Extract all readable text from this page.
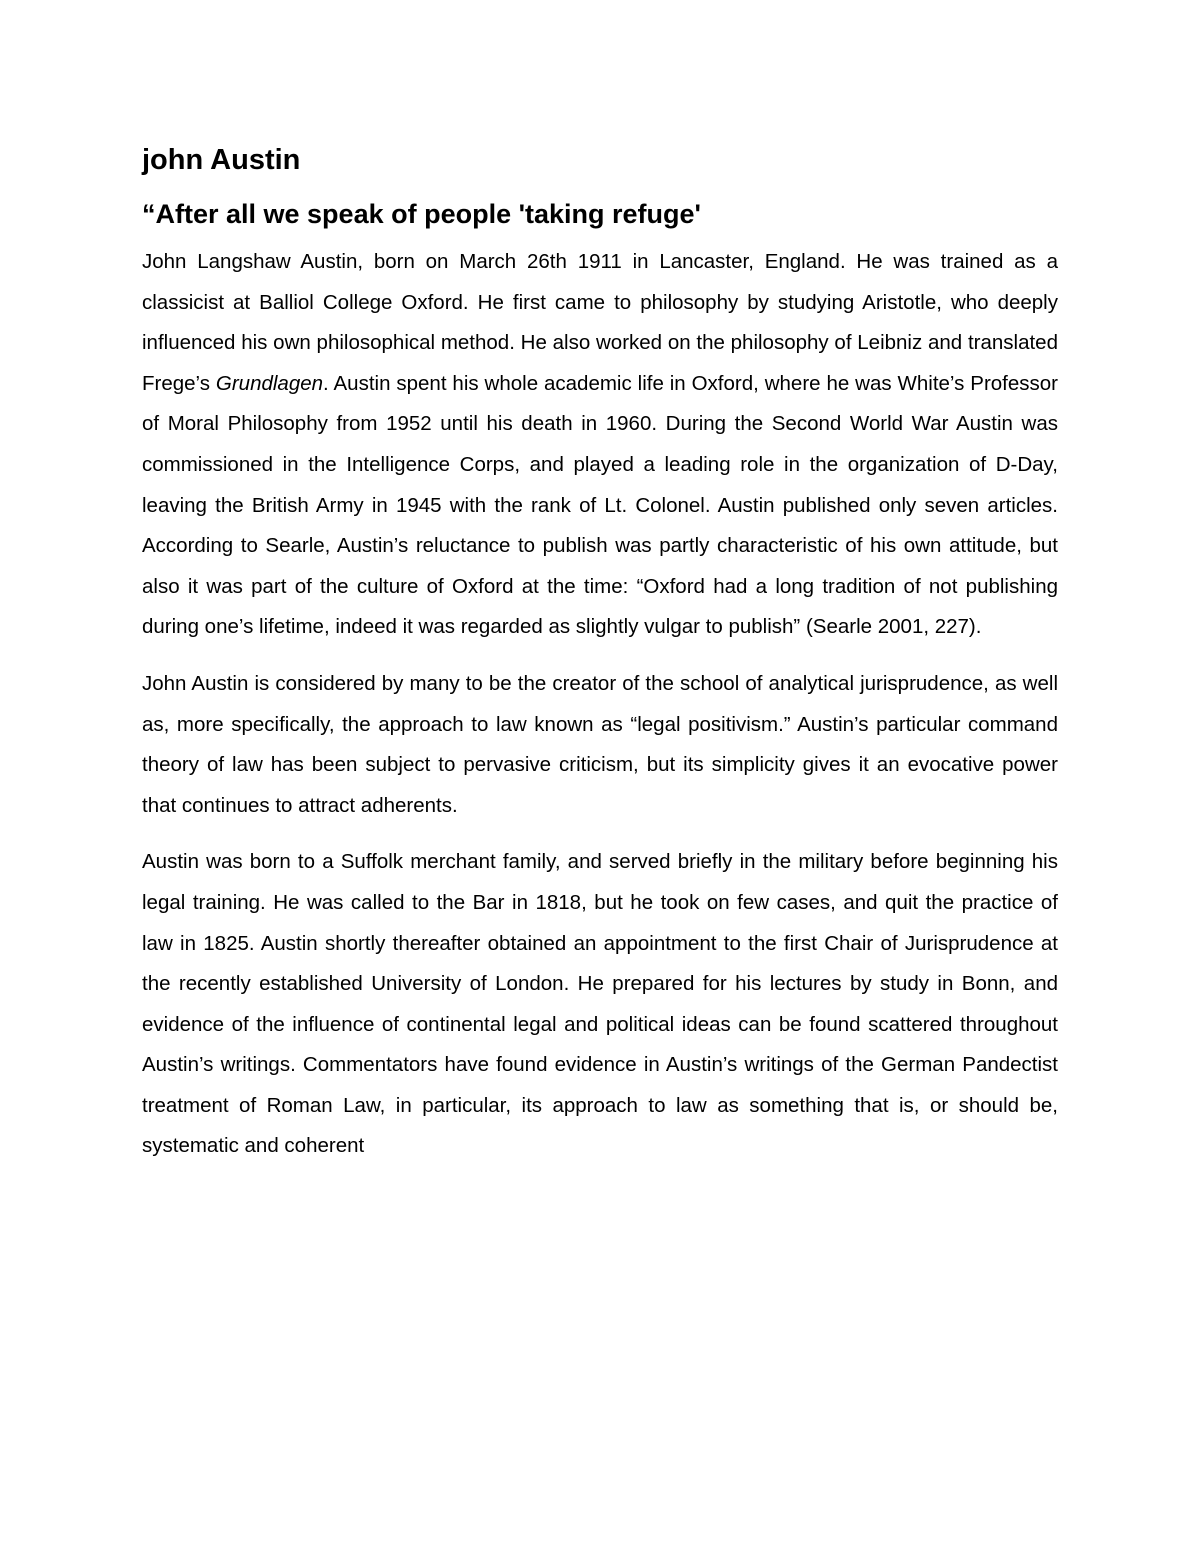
john Austin
“After all we speak of people 'taking refuge'

John Langshaw Austin, born on March 26th 1911 in Lancaster, England. He was trained as a classicist at Balliol College Oxford. He first came to philosophy by studying Aristotle, who deeply influenced his own philosophical method. He also worked on the philosophy of Leibniz and translated Frege’s Grundlagen. Austin spent his whole academic life in Oxford, where he was White’s Professor of Moral Philosophy from 1952 until his death in 1960. During the Second World War Austin was commissioned in the Intelligence Corps, and played a leading role in the organization of D-Day, leaving the British Army in 1945 with the rank of Lt. Colonel. Austin published only seven articles. According to Searle, Austin’s reluctance to publish was partly characteristic of his own attitude, but also it was part of the culture of Oxford at the time: “Oxford had a long tradition of not publishing during one’s lifetime, indeed it was regarded as slightly vulgar to publish” (Searle 2001, 227).

John Austin is considered by many to be the creator of the school of analytical jurisprudence, as well as, more specifically, the approach to law known as “legal positivism.” Austin’s particular command theory of law has been subject to pervasive criticism, but its simplicity gives it an evocative power that continues to attract adherents.

Austin was born to a Suffolk merchant family, and served briefly in the military before beginning his legal training. He was called to the Bar in 1818, but he took on few cases, and quit the practice of law in 1825. Austin shortly thereafter obtained an appointment to the first Chair of Jurisprudence at the recently established University of London. He prepared for his lectures by study in Bonn, and evidence of the influence of continental legal and political ideas can be found scattered throughout Austin’s writings. Commentators have found evidence in Austin’s writings of the German Pandectist treatment of Roman Law, in particular, its approach to law as something that is, or should be, systematic and coherent
